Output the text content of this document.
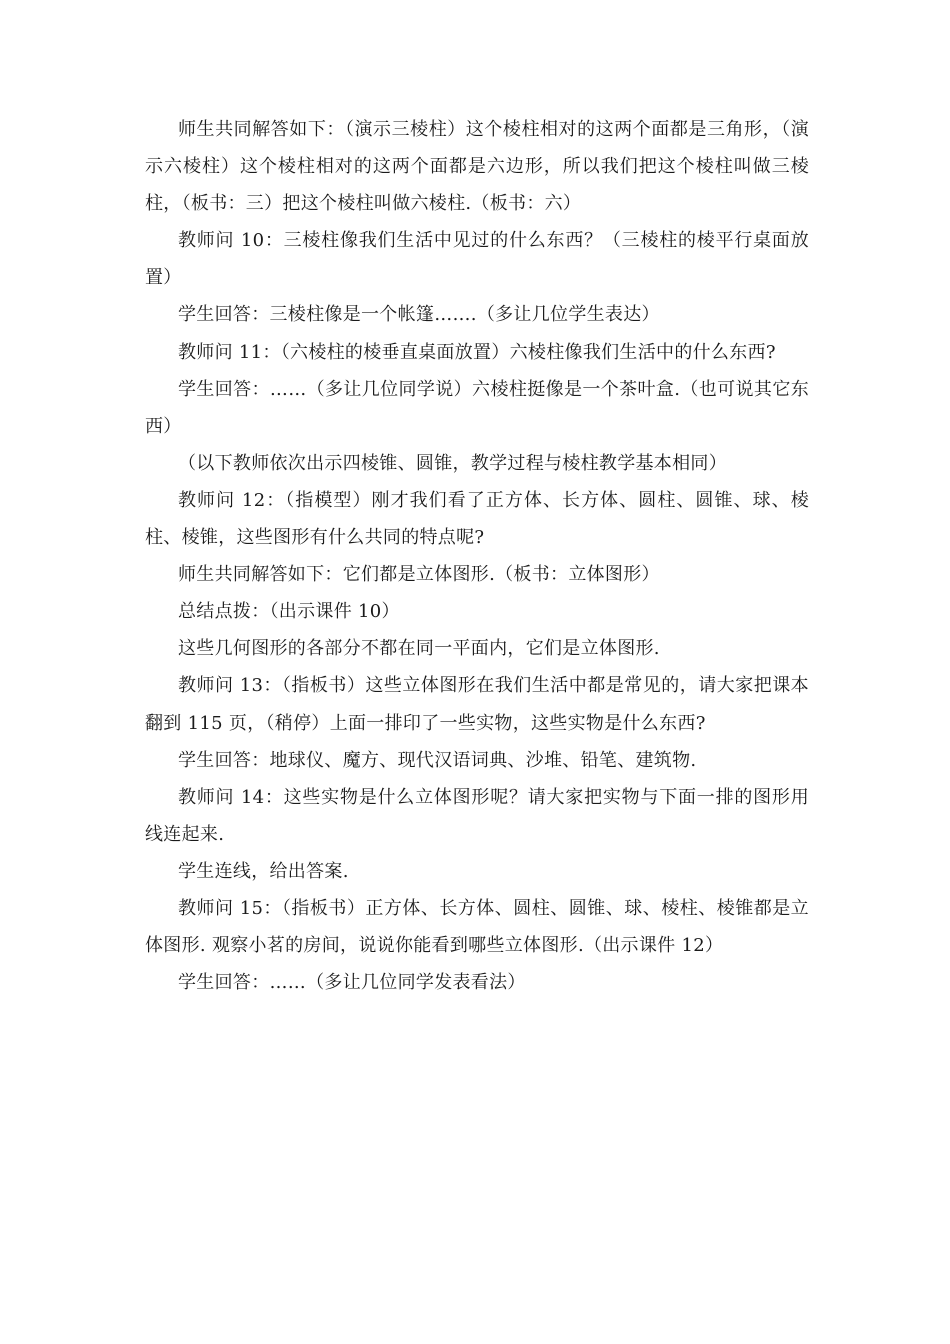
师生共同解答如下：（演示三棱柱）这个棱柱相对的这两个面都是三角形，（演示六棱柱）这个棱柱相对的这两个面都是六边形，所以我们把这个棱柱叫做三棱柱，（板书：三）把这个棱柱叫做六棱柱.（板书：六）

教师问 10：三棱柱像我们生活中见过的什么东西？（三棱柱的棱平行桌面放置）

学生回答：三棱柱像是一个帐篷…….（多让几位学生表达）

教师问 11：（六棱柱的棱垂直桌面放置）六棱柱像我们生活中的什么东西?

学生回答：……（多让几位同学说）六棱柱挺像是一个茶叶盒.（也可说其它东西）

（以下教师依次出示四棱锥、圆锥，教学过程与棱柱教学基本相同）

教师问 12：（指模型）刚才我们看了正方体、长方体、圆柱、圆锥、球、棱柱、棱锥，这些图形有什么共同的特点呢?

师生共同解答如下：它们都是立体图形.（板书：立体图形）

总结点拨：（出示课件 10）

这些几何图形的各部分不都在同一平面内，它们是立体图形.

教师问 13：（指板书）这些立体图形在我们生活中都是常见的，请大家把课本翻到 115 页，（稍停）上面一排印了一些实物，这些实物是什么东西?

学生回答：地球仪、魔方、现代汉语词典、沙堆、铅笔、建筑物.

教师问 14：这些实物是什么立体图形呢？请大家把实物与下面一排的图形用线连起来.

学生连线，给出答案.

教师问 15：（指板书）正方体、长方体、圆柱、圆锥、球、棱柱、棱锥都是立体图形. 观察小茗的房间，说说你能看到哪些立体图形.（出示课件 12）

学生回答：……（多让几位同学发表看法）
